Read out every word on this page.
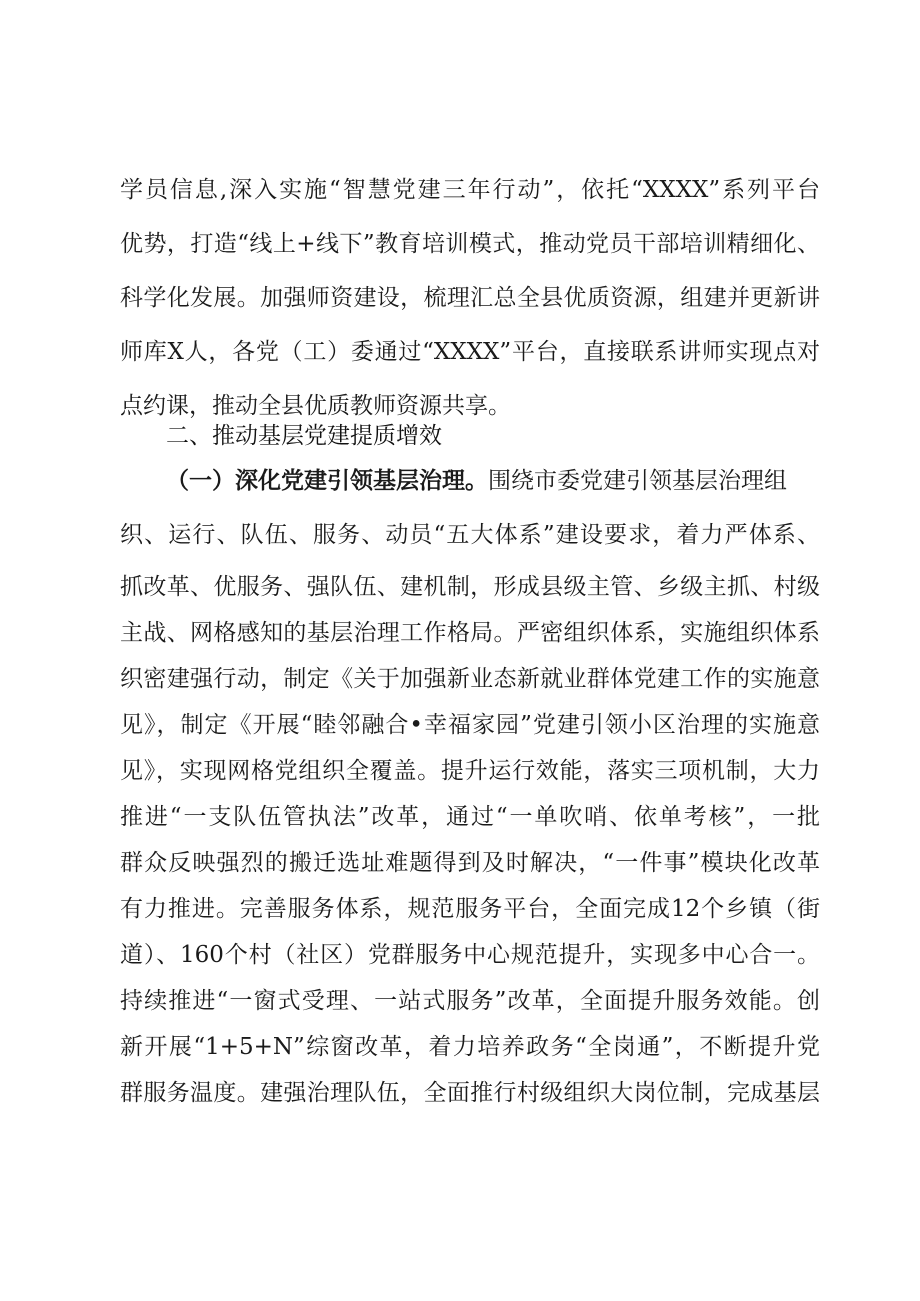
学员信息,深入实施“智慧党建三年行动”，依托“XXXX”系列平台
优势，打造“线上+线下”教育培训模式，推动党员干部培训精细化、
科学化发展。加强师资建设，梳理汇总全县优质资源，组建并更新讲
师库X人，各党（工）委通过“XXXX”平台，直接联系讲师实现点对
点约课，推动全县优质教师资源共享。
二、推动基层党建提质增效
（一）深化党建引领基层治理。围绕市委党建引领基层治理组
织、运行、队伍、服务、动员“五大体系”建设要求，着力严体系、
抓改革、优服务、强队伍、建机制，形成县级主管、乡级主抓、村级
主战、网格感知的基层治理工作格局。严密组织体系，实施组织体系
织密建强行动，制定《关于加强新业态新就业群体党建工作的实施意
见》，制定《开展“睦邻融合•幸福家园”党建引领小区治理的实施意
见》，实现网格党组织全覆盖。提升运行效能，落实三项机制，大力
推进“一支队伍管执法”改革，通过“一单吹哨、依单考核”，一批
群众反映强烈的搬迁选址难题得到及时解决，“一件事”模块化改革
有力推进。完善服务体系，规范服务平台，全面完成12个乡镇（街
道）、160个村（社区）党群服务中心规范提升，实现多中心合一。
持续推进“一窗式受理、一站式服务”改革，全面提升服务效能。创
新开展“1+5+N”综窗改革，着力培养政务“全岗通”，不断提升党
群服务温度。建强治理队伍，全面推行村级组织大岗位制，完成基层
